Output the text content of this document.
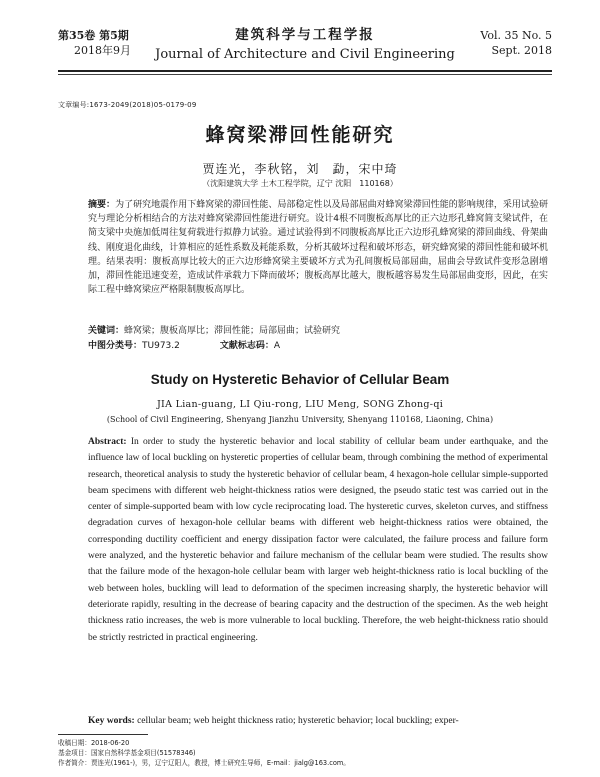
第35卷 第5期
2018年9月
建筑科学与工程学报
Journal of Architecture and Civil Engineering
Vol. 35 No. 5
Sept. 2018
文章编号:1673-2049(2018)05-0179-09
蜂窝梁滞回性能研究
贾连光，李秋铭，刘　勐，宋中琦
（沈阳建筑大学 土木工程学院，辽宁 沈阳　110168）
摘要：为了研究地震作用下蜂窝梁的滞回性能、局部稳定性以及局部屈曲对蜂窝梁滞回性能的影响规律，采用试验研究与理论分析相结合的方法对蜂窝梁滞回性能进行研究。设计4根不同腹板高厚比的正六边形孔蜂窝简支梁试件，在简支梁中央施加低周往复荷载进行拟静力试验。通过试验得到不同腹板高厚比正六边形孔蜂窝梁的滞回曲线、骨架曲线、刚度退化曲线，计算相应的延性系数及耗能系数，分析其破坏过程和破坏形态，研究蜂窝梁的滞回性能和破坏机理。结果表明：腹板高厚比较大的正六边形蜂窝梁主要破坏方式为孔间腹板局部屈曲，屈曲会导致试件变形急剧增加，滞回性能迅速变差，造成试件承载力下降而破坏；腹板高厚比越大，腹板越容易发生局部屈曲变形，因此，在实际工程中蜂窝梁应严格限制腹板高厚比。
关键词：蜂窝梁；腹板高厚比；滞回性能；局部屈曲；试验研究
中图分类号：TU973.2	文献标志码：A
Study on Hysteretic Behavior of Cellular Beam
JIA Lian-guang, LI Qiu-rong, LIU Meng, SONG Zhong-qi
(School of Civil Engineering, Shenyang Jianzhu University, Shenyang 110168, Liaoning, China)
Abstract: In order to study the hysteretic behavior and local stability of cellular beam under earthquake, and the influence law of local buckling on hysteretic properties of cellular beam, through combining the method of experimental research, theoretical analysis to study the hysteretic behavior of cellular beam, 4 hexagon-hole cellular simple-supported beam specimens with different web height-thickness ratios were designed, the pseudo static test was carried out in the center of simple-supported beam with low cycle reciprocating load. The hysteretic curves, skeleton curves, and stiffness degradation curves of hexagon-hole cellular beams with different web height-thickness ratios were obtained, the corresponding ductility coefficient and energy dissipation factor were calculated, the failure process and failure form were analyzed, and the hysteretic behavior and failure mechanism of the cellular beam were studied. The results show that the failure mode of the hexagon-hole cellular beam with larger web height-thickness ratio is local buckling of the web between holes, buckling will lead to deformation of the specimen increasing sharply, the hysteretic behavior will deteriorate rapidly, resulting in the decrease of bearing capacity and the destruction of the specimen. As the web height thickness ratio increases, the web is more vulnerable to local buckling. Therefore, the web height-thickness ratio should be strictly restricted in practical engineering.
Key words: cellular beam; web height thickness ratio; hysteretic behavior; local buckling; exper-
收稿日期：2018-06-20
基金项目：国家自然科学基金项目(51578346)
作者简介：贾连光(1961-)，男，辽宁辽阳人，教授，博士研究生导师，E-mail：jialg@163.com。
